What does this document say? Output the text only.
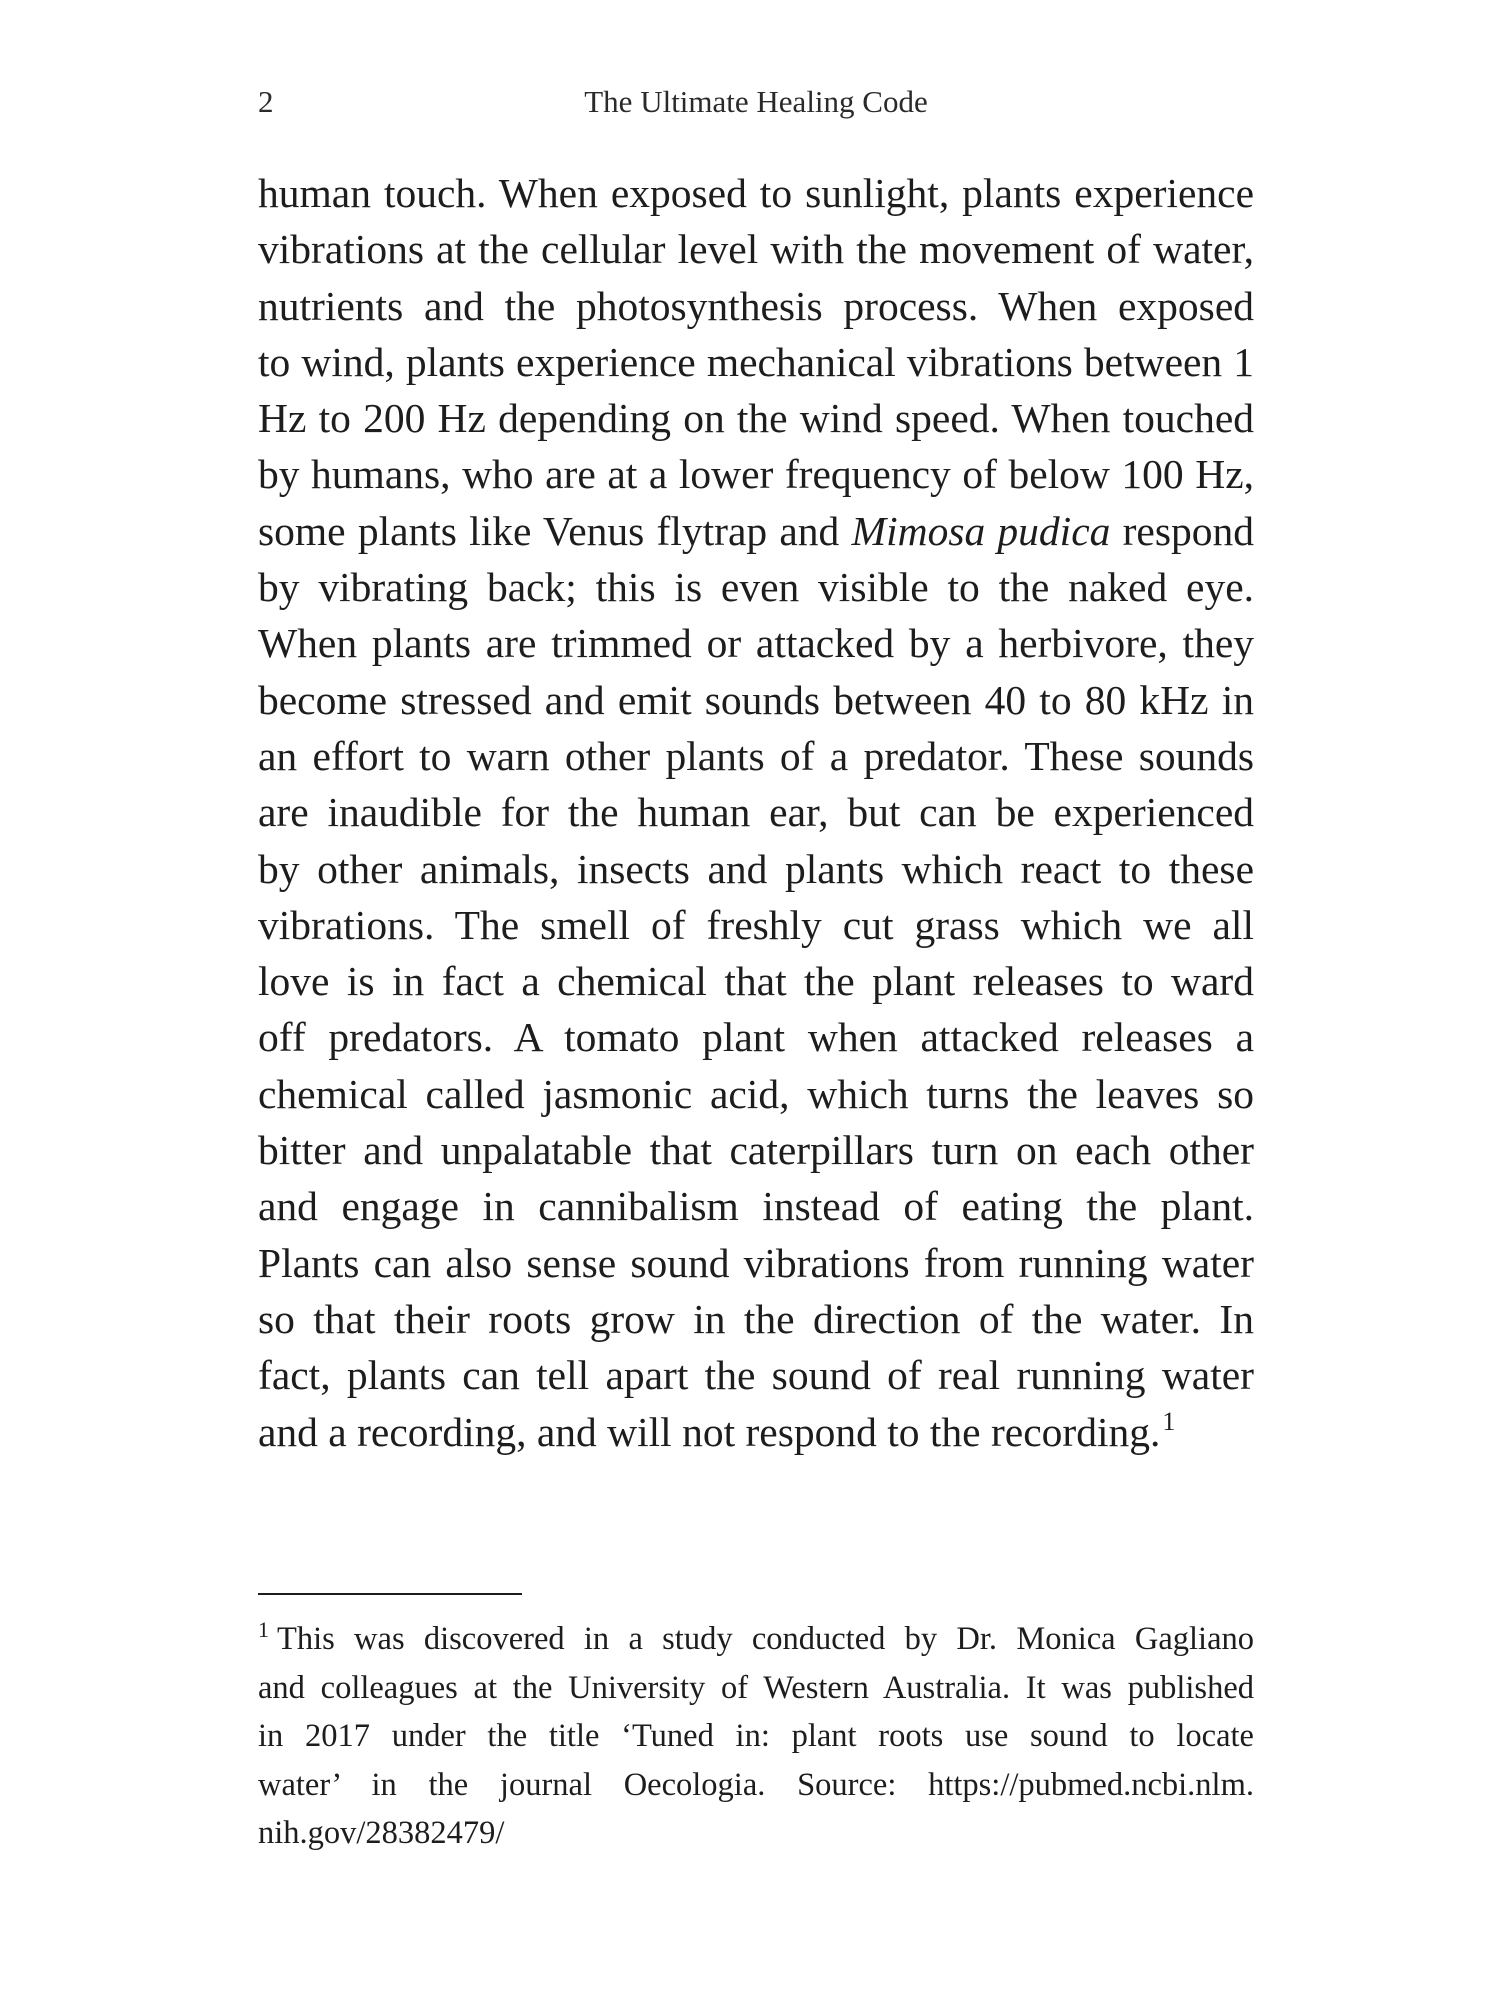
2	The Ultimate Healing Code
human touch. When exposed to sunlight, plants experience
vibrations at the cellular level with the movement of water,
nutrients and the photosynthesis process. When exposed
to wind, plants experience mechanical vibrations between 1
Hz to 200 Hz depending on the wind speed. When touched
by humans, who are at a lower frequency of below 100 Hz,
some plants like Venus flytrap and Mimosa pudica respond
by vibrating back; this is even visible to the naked eye.
When plants are trimmed or attacked by a herbivore, they
become stressed and emit sounds between 40 to 80 kHz in
an effort to warn other plants of a predator. These sounds
are inaudible for the human ear, but can be experienced
by other animals, insects and plants which react to these
vibrations. The smell of freshly cut grass which we all
love is in fact a chemical that the plant releases to ward
off predators. A tomato plant when attacked releases a
chemical called jasmonic acid, which turns the leaves so
bitter and unpalatable that caterpillars turn on each other
and engage in cannibalism instead of eating the plant.
Plants can also sense sound vibrations from running water
so that their roots grow in the direction of the water. In
fact, plants can tell apart the sound of real running water
and a recording, and will not respond to the recording.$^1$
$^1$ This was discovered in a study conducted by Dr. Monica Gagliano
and colleagues at the University of Western Australia. It was published
in 2017 under the title ‘Tuned in: plant roots use sound to locate
water’ in the journal Oecologia. Source: https://pubmed.ncbi.nlm.
nih.gov/28382479/
